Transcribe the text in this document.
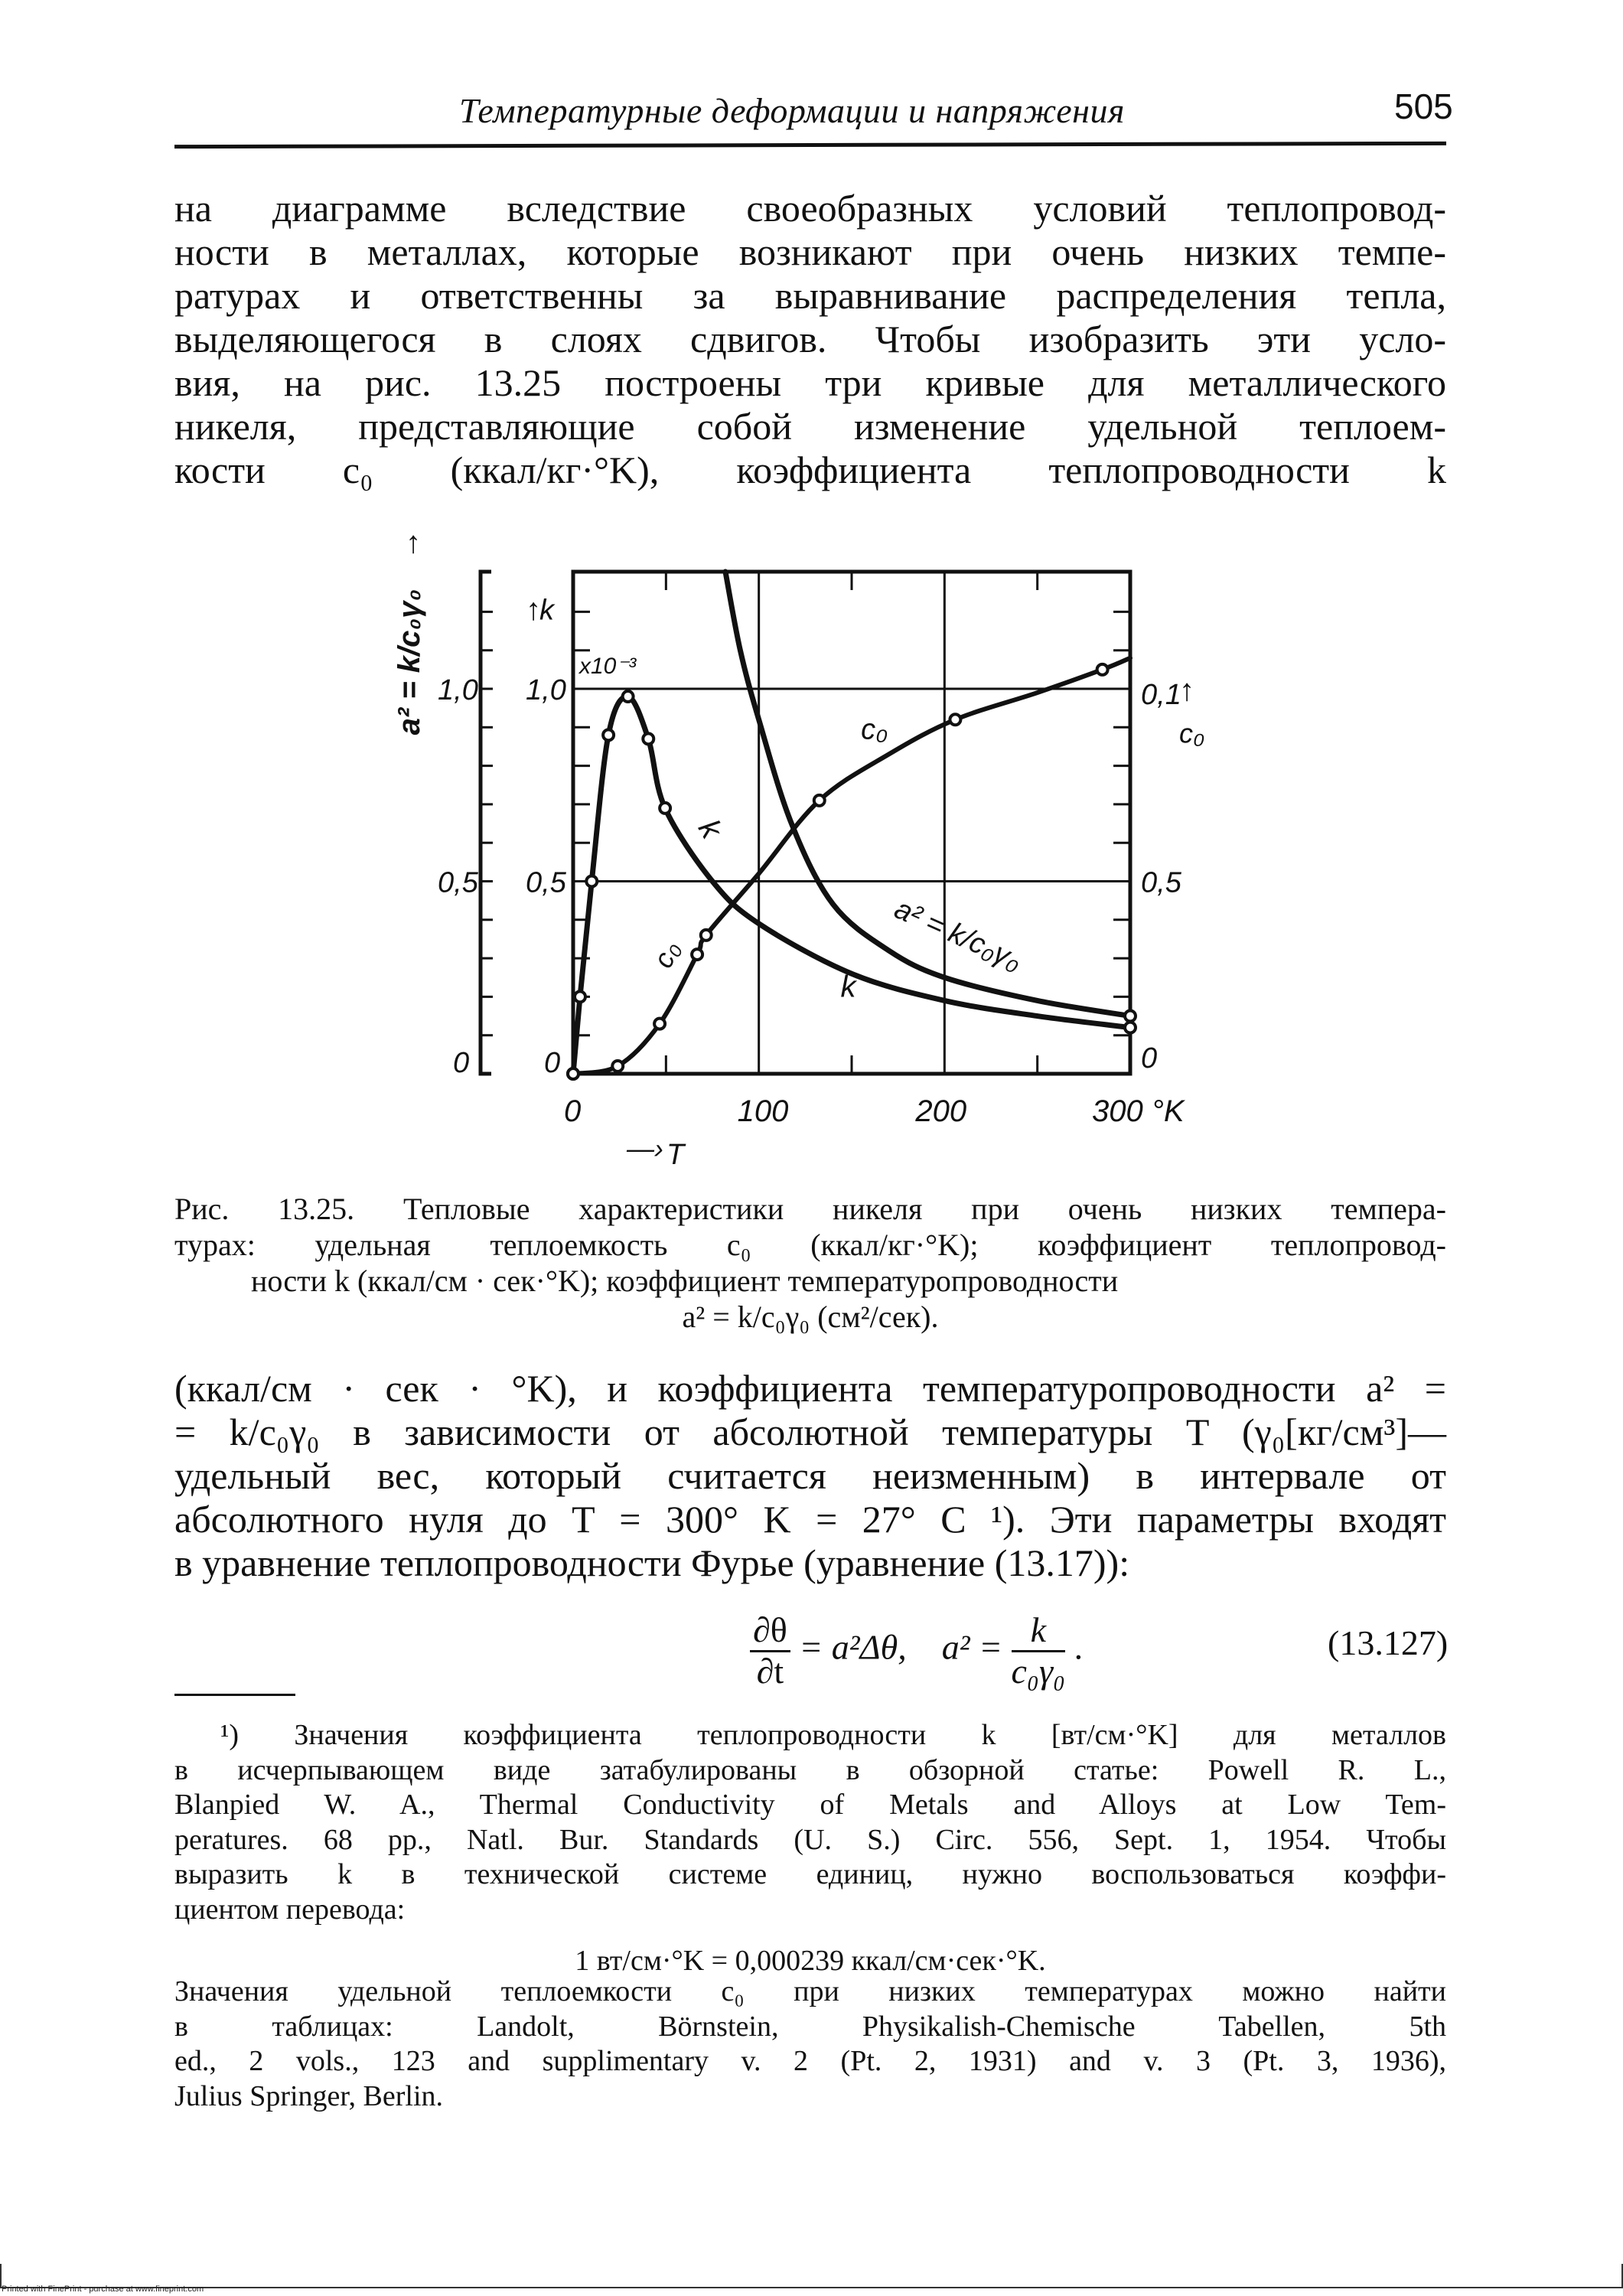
Температурные деформации и напряжения	505
на диаграмме вследствие своеобразных условий теплопровод-
ности в металлах, которые возникают при очень низких темпе-
ратурах и ответственны за выравнивание распределения тепла,
выделяющегося в слоях сдвигов. Чтобы изобразить эти усло-
вия, на рис. 13.25 построены три кривые для металлического
никеля, представляющие собой изменение удельной теплоем-
кости c₀ (ккал/кг·°K), коэффициента теплопроводности k
0	100	200	300 °K
—› T
0
0,5
1,0
x10⁻³
↑
k
0
0,5
1,0
a² = k/c₀γ₀
↑
0
0,5
0,1
↑
c₀
k
k
c₀
c₀	a² = k/c₀γ₀
Рис. 13.25. Тепловые характеристики никеля при очень низких темпера-
турах: удельная теплоемкость c₀ (ккал/кг·°K); коэффициент теплопровод-
ности k (ккал/см · сек·°K); коэффициент температуропроводности
a² = k/c₀γ₀ (см²/сек).
(ккал/см · сек · °K), и коэффициента температуропроводности a² =
= k/c₀γ₀ в зависимости от абсолютной температуры T (γ₀[кг/см³]—
удельный вес, который считается неизменным) в интервале от
абсолютного нуля до T = 300° K = 27° C ¹). Эти параметры входят
в уравнение теплопроводности Фурье (уравнение (13.17)):
$\frac{\partial\theta}{\partial t} = a^2\Delta\theta$, $a^2 = \frac{k}{\text{c₀γ₀}}$ .	(13.127)
¹) Значения коэффициента теплопроводности k [вт/см·°K] для металлов
в исчерпывающем виде затабулированы в обзорной статье: Powell R. L.,
Blanpied W. A., Thermal Conductivity of Metals and Alloys at Low Tem-
peratures. 68 pp., Natl. Bur. Standards (U. S.) Circ. 556, Sept. 1, 1954. Чтобы
выразить k в технической системе единиц, нужно воспользоваться коэффи-
циентом перевода:
1 вт/см·°K = 0,000239 ккал/см·сек·°K.
Значения удельной теплоемкости c₀ при низких температурах можно найти
в таблицах: Landolt, Börnstein, Physikalish-Chemische Tabellen, 5th
ed., 2 vols., 123 and supplimentary v. 2 (Pt. 2, 1931) and v. 3 (Pt. 3, 1936),
Julius Springer, Berlin.
Printed with FinePrint - purchase at www.fineprint.com
